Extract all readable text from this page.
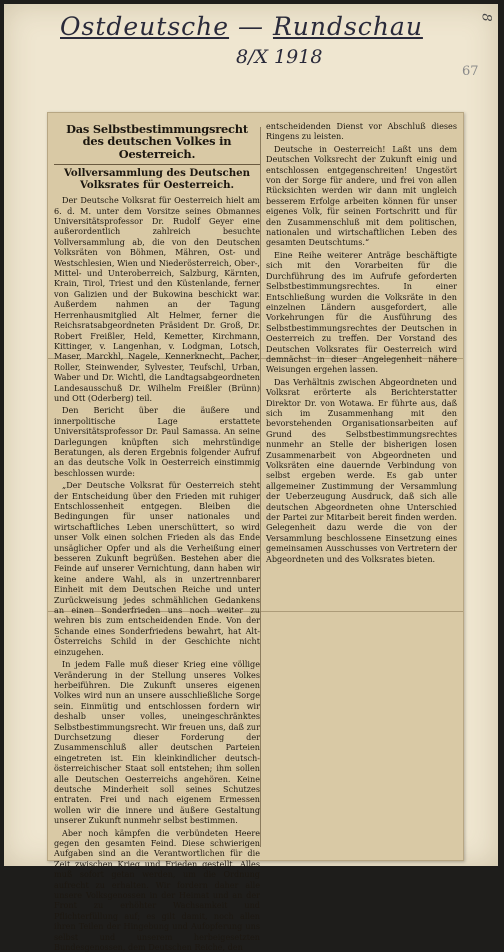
Ostdeutsche — Rundschau
8/X 1918
8
67
Das Selbstbestimmungsrecht des deutschen Volkes in Oesterreich.
Vollversammlung des Deutschen Volksrates für Oesterreich.

Der Deutsche Volksrat für Oesterreich hielt am 6. d. M. unter dem Vorsitze seines Obmannes Universitätsprofessor Dr. Rudolf Geyer eine außerordentlich zahlreich besuchte Vollversammlung ab, die von den Deutschen Volksräten von Böhmen, Mähren, Ost- und Westschlesien, Wien und Niederösterreich, Ober-, Mittel- und Unteroberreich, Salzburg, Kärnten, Krain, Tirol, Triest und den Küstenlande, ferner von Galizien und der Bukowina beschickt war. Außerdem nahmen an der Tagung Herrenhausmitglied Alt Helmer, ferner die Reichsratsabgeordneten Präsident Dr. Groß, Dr. Robert Freißler, Held, Kemetter, Kirchmann, Kittinger, v. Langenhan, v. Lodgman, Lotsch, Maser, Marckhl, Nagele, Kennerknecht, Pacher, Roller, Steinwender, Sylvester, Teufschl, Urban, Waber und Dr. Wichtl, die Landtagsabgeordneten Landesausschuß Dr. Wilhelm Freißler (Brünn) und Ott (Oderberg) teil.

Den Bericht über die äußere und innerpolitische Lage erstattete Universitätsprofessor Dr. Paul Samassa. An seine Darlegungen knüpften sich mehrstündige Beratungen, als deren Ergebnis folgender Aufruf an das deutsche Volk in Oesterreich einstimmig beschlossen wurde:

„Der Deutsche Volksrat für Oesterreich steht der Entscheidung über den Frieden mit ruhiger Entschlossenheit entgegen. Bleiben die Bedingungen für unser nationales und wirtschaftliches Leben unerschüttert, so wird unser Volk einen solchen Frieden als das Ende unsäglicher Opfer und als die Verheißung einer besseren Zukunft begrüßen. Bestehen aber die Feinde auf unserer Vernichtung, dann haben wir keine andere Wahl, als in unzertrennbarer Einheit mit dem Deutschen Reiche und unter Zurückweisung jedes schmählichen Gedankens an einen Sonderfrieden uns noch weiter zu wehren bis zum entscheidenden Ende. Von der Schande eines Sonderfriedens bewahrt, hat Alt-Österreichs Schild in der Geschichte nicht einzugehen.

In jedem Falle muß dieser Krieg eine völlige Veränderung in der Stellung unseres Volkes herbeiführen. Die Zukunft unseres eigenen Volkes wird nun an unsere ausschließliche Sorge sein. Einmütig und entschlossen fordern wir deshalb unser volles, uneingeschränktes Selbstbestimmungsrecht. Wir freuen uns, daß zur Durchsetzung dieser Forderung der Zusammenschluß aller deutschen Parteien eingetreten ist. Ein kleinkindlicher deutsch-österreichischer Staat soll entstehen; ihm sollen alle Deutschen Oesterreichs angehören. Keine deutsche Minderheit soll seines Schutzes entraten. Frei und nach eigenem Ermessen wollen wir die innere und äußere Gestaltung unserer Zukunft nunmehr selbst bestimmen.

Aber noch kämpfen die verbündeten Heere gegen den gesamten Feind. Diese schwierigen Aufgaben sind an die Verantwortlichen für die Zeit zwischen Krieg und Frieden gestellt. Alles muß sofort getan werden, um die Ordnung aufrecht zu erhalten. Wir fordern daher alle unsere Volksgenossen in der Heimat und an der Front zu erhöhter Wachsamkeit und Pflichterfüllung auf; es gilt damit, noch allen ihren Teilen der Hingebung und Aufopferung uns selbst und unserem herbeigesetzten Bundesgenossen, dem Deutschen Reiche, den

entscheidenden Dienst vor Abschluß dieses Ringens zu leisten.

Deutsche in Oesterreich! Laßt uns dem Deutschen Volksrecht der Zukunft einig und entschlossen entgegenschreiten! Ungestört von der Sorge für andere, und frei von allen Rücksichten werden wir dann mit ungleich besserem Erfolge arbeiten können für unser eigenes Volk, für seinen Fortschritt und für den Zusammenschluß mit dem politischen, nationalen und wirtschaftlichen Leben des gesamten Deutschtums.“

Eine Reihe weiterer Anträge beschäftigte sich mit den Vorarbeiten für die Durchführung des im Aufrufe geforderten Selbstbestimmungsrechtes. In einer Entschließung wurden die Volksräte in den einzelnen Ländern ausgefordert, alle Vorkehrungen für die Ausführung des Selbstbestimmungsrechtes der Deutschen in Oesterreich zu treffen. Der Vorstand des Deutschen Volksrates für Oesterreich wird demnächst in dieser Angelegenheit nähere Weisungen ergehen lassen.

Das Verhältnis zwischen Abgeordneten und Volksrat erörterte als Berichterstatter Direktor Dr. von Wotawa. Er führte aus, daß sich im Zusammenhang mit den bevorstehenden Organisationsarbeiten auf Grund des Selbstbestimmungsrechtes nunmehr an Stelle der bisherigen losen Zusammenarbeit von Abgeordneten und Volksräten eine dauernde Verbindung von selbst ergeben werde. Es gab unter allgemeiner Zustimmung der Versammlung der Ueberzeugung Ausdruck, daß sich alle deutschen Abgeordneten ohne Unterschied der Partei zur Mitarbeit bereit finden werden. Gelegenheit dazu werde die von der Versammlung beschlossene Einsetzung eines gemeinsamen Ausschusses von Vertretern der Abgeordneten und des Volksrates bieten.
